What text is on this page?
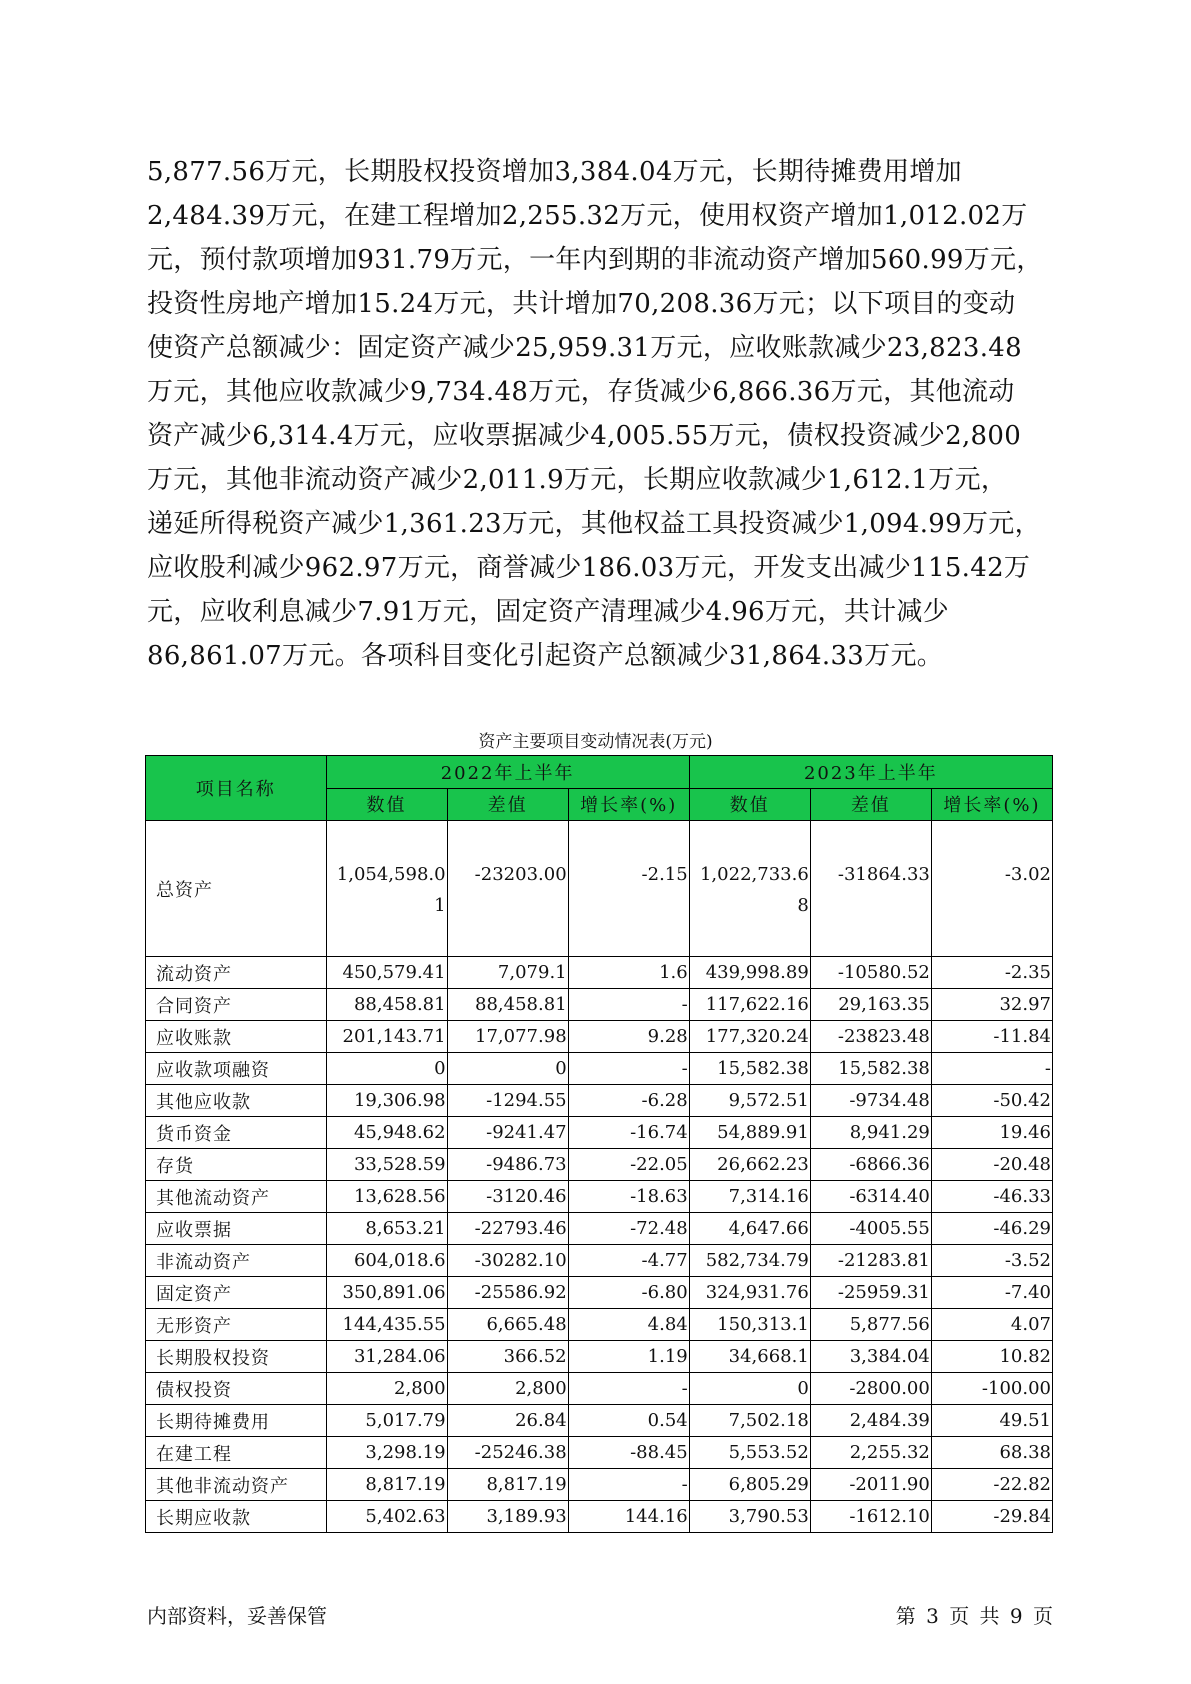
5,877.56万元，长期股权投资增加3,384.04万元，长期待摊费用增加
2,484.39万元，在建工程增加2,255.32万元，使用权资产增加1,012.02万
元，预付款项增加931.79万元，一年内到期的非流动资产增加560.99万元，
投资性房地产增加15.24万元，共计增加70,208.36万元；以下项目的变动
使资产总额减少：固定资产减少25,959.31万元，应收账款减少23,823.48
万元，其他应收款减少9,734.48万元，存货减少6,866.36万元，其他流动
资产减少6,314.4万元，应收票据减少4,005.55万元，债权投资减少2,800
万元，其他非流动资产减少2,011.9万元，长期应收款减少1,612.1万元，
递延所得税资产减少1,361.23万元，其他权益工具投资减少1,094.99万元，
应收股利减少962.97万元，商誉减少186.03万元，开发支出减少115.42万
元，应收利息减少7.91万元，固定资产清理减少4.96万元，共计减少
86,861.07万元。各项科目变化引起资产总额减少31,864.33万元。
资产主要项目变动情况表(万元)
项目名称	2022年上半年			2023年上半年		
	数值	差值	增长率(%)	数值	差值	增长率(%)
总资产	1,054,598.01	-23203.00	-2.15	1,022,733.68	-31864.33	-3.02
流动资产	450,579.41	7,079.1	1.6	439,998.89	-10580.52	-2.35
合同资产	88,458.81	88,458.81	-	117,622.16	29,163.35	32.97
应收账款	201,143.71	17,077.98	9.28	177,320.24	-23823.48	-11.84
应收款项融资	0	0	-	15,582.38	15,582.38	-
其他应收款	19,306.98	-1294.55	-6.28	9,572.51	-9734.48	-50.42
货币资金	45,948.62	-9241.47	-16.74	54,889.91	8,941.29	19.46
存货	33,528.59	-9486.73	-22.05	26,662.23	-6866.36	-20.48
其他流动资产	13,628.56	-3120.46	-18.63	7,314.16	-6314.40	-46.33
应收票据	8,653.21	-22793.46	-72.48	4,647.66	-4005.55	-46.29
非流动资产	604,018.6	-30282.10	-4.77	582,734.79	-21283.81	-3.52
固定资产	350,891.06	-25586.92	-6.80	324,931.76	-25959.31	-7.40
无形资产	144,435.55	6,665.48	4.84	150,313.1	5,877.56	4.07
长期股权投资	31,284.06	366.52	1.19	34,668.1	3,384.04	10.82
债权投资	2,800	2,800	-	0	-2800.00	-100.00
长期待摊费用	5,017.79	26.84	0.54	7,502.18	2,484.39	49.51
在建工程	3,298.19	-25246.38	-88.45	5,553.52	2,255.32	68.38
其他非流动资产	8,817.19	8,817.19	-	6,805.29	-2011.90	-22.82
长期应收款	5,402.63	3,189.93	144.16	3,790.53	-1612.10	-29.84
内部资料，妥善保管	第 3 页 共 9 页
